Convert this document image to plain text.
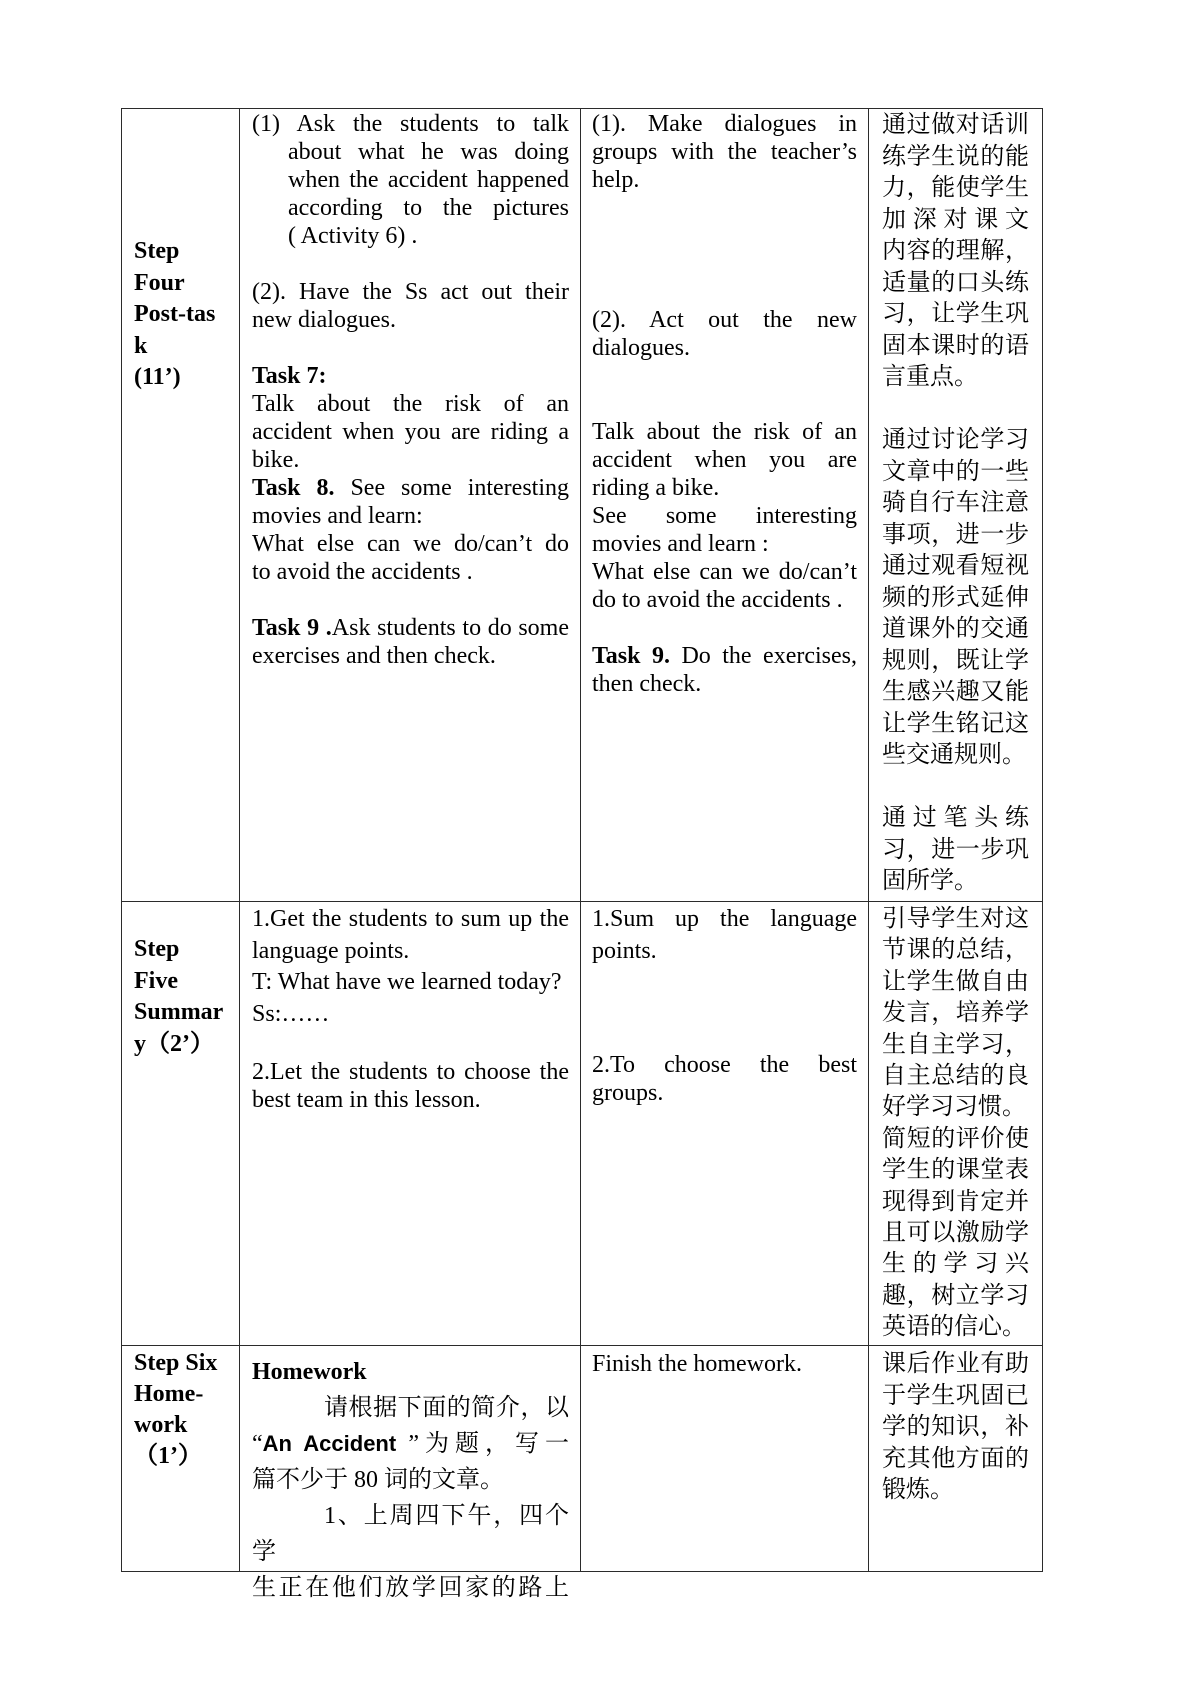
Step
Four
Post-tas
k
(11’)
(1) Ask the students to talk
about what he was doing
when the accident happened
according to the pictures
( Activity 6) .
(2). Have the Ss act out their
new dialogues.
Task 7:
Talk about the risk of an
accident when you are riding a
bike.
Task 8. See some interesting
movies and learn:
What else can we do/can’t do
to avoid the accidents .
Task 9 .Ask students to do some
exercises and then check.
(1). Make dialogues in
groups with the teacher’s
help.
(2). Act out the new
dialogues.
Talk about the risk of an
accident when you are
riding a bike.
See some interesting
movies and learn :
What else can we do/can’t
do to avoid the accidents .
Task 9. Do the exercises,
then check.
通过做对话训
练学生说的能
力，能使学生
加深对课文
内容的理解，
适量的口头练
习，让学生巩
固本课时的语
言重点。
通过讨论学习
文章中的一些
骑自行车注意
事项，进一步
通过观看短视
频的形式延伸
道课外的交通
规则，既让学
生感兴趣又能
让学生铭记这
些交通规则。
通过笔头练
习，进一步巩
固所学。
Step
Five
Summar
y（2’）
1.Get the students to sum up the
language points.
T: What have we learned today?
Ss:……
2.Let the students to choose the
best team in this lesson.
1.Sum up the language
points.
2.To choose the best
groups.
引导学生对这
节课的总结，
让学生做自由
发言，培养学
生自主学习，
自主总结的良
好学习习惯。
简短的评价使
学生的课堂表
现得到肯定并
且可以激励学
生的学习兴
趣，树立学习
英语的信心。
Step Six
Home-
work
（1’）
Homework
请根据下面的简介，以
“An Accident ”为题，写一
篇不少于 80 词的文章。
1、上周四下午，四个学
生正在他们放学回家的路上
Finish the homework.	课后作业有助
于学生巩固已
学的知识，补
充其他方面的
锻炼。
